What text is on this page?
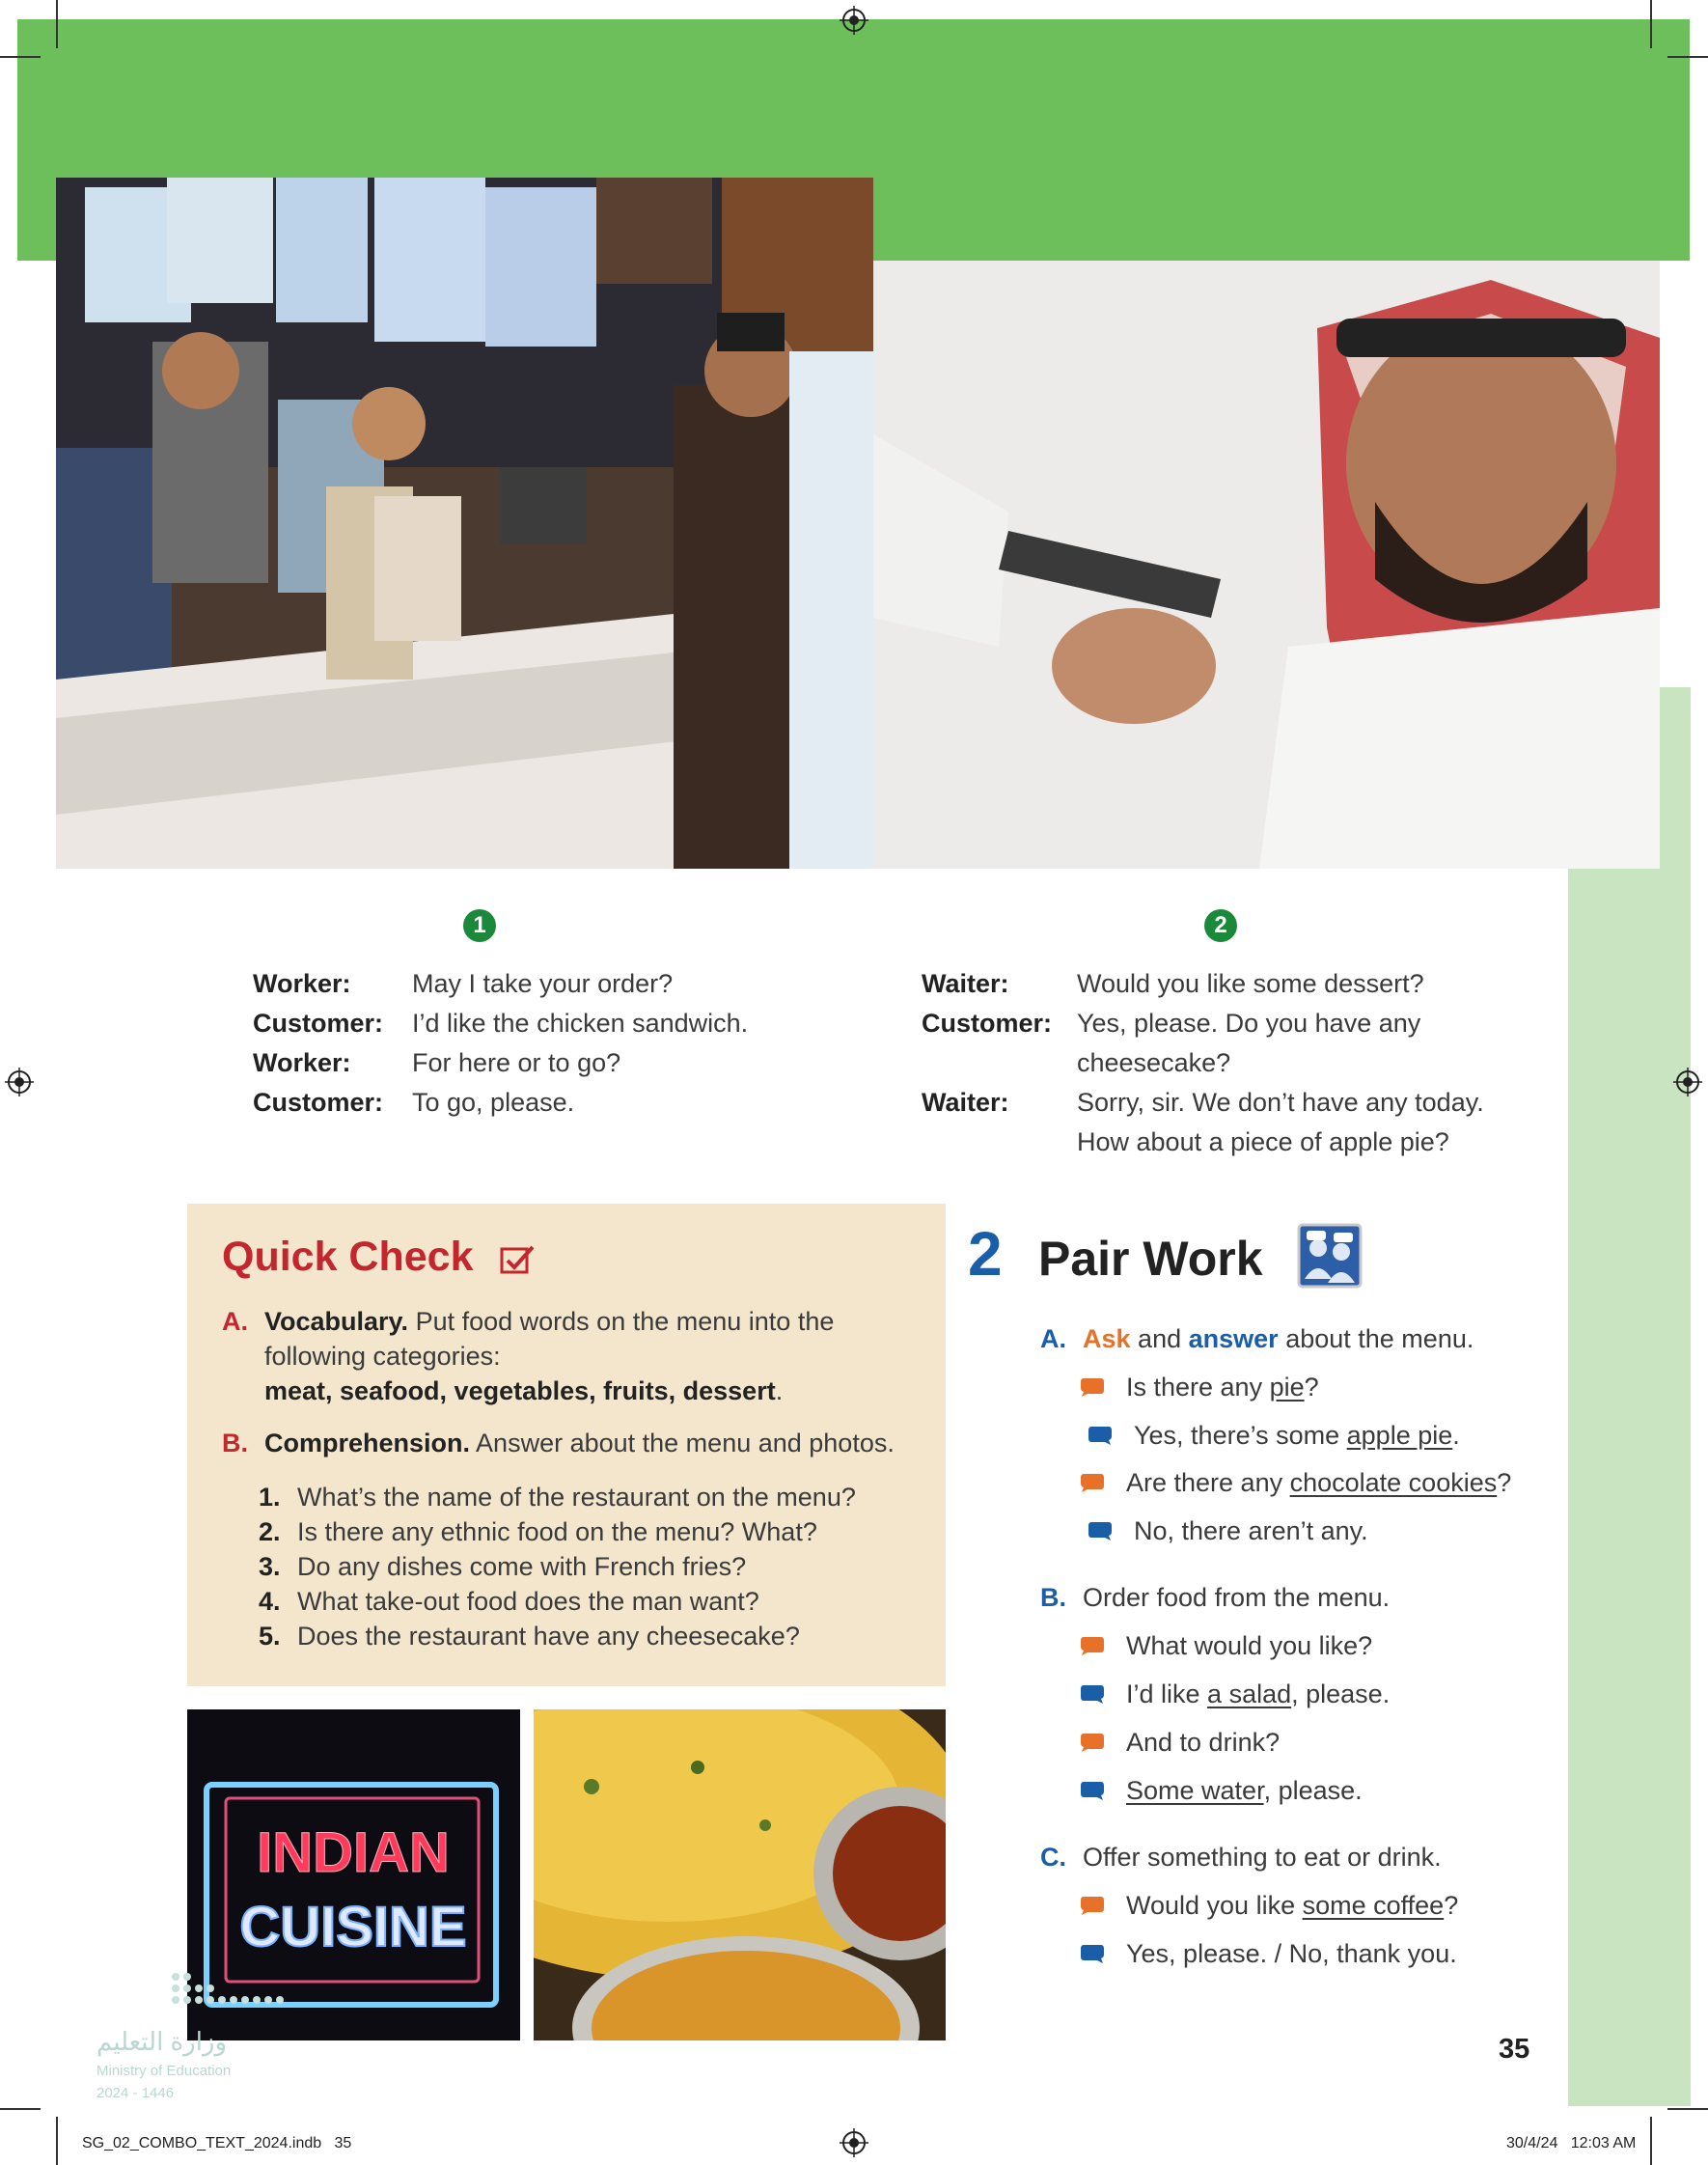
1
Worker:	May I take your order?
Customer:	I’d like the chicken sandwich.
Worker:	For here or to go?
Customer:	To go, please.
2
Waiter:	Would you like some dessert?
Customer: Yes, please. Do you have any
cheesecake?
Waiter:	Sorry, sir. We don’t have any today.
How about a piece of apple pie?
Quick Check
A. Vocabulary. Put food words on the menu into the
following categories:
meat, seafood, vegetables, fruits, dessert.
B. Comprehension. Answer about the menu and photos.
1. What’s the name of the restaurant on the menu?
2. Is there any ethnic food on the menu? What?
3. Do any dishes come with French fries?
4. What take-out food does the man want?
5. Does the restaurant have any cheesecake?
INDIAN
CUISINE
2 Pair Work
A. Ask and answer about the menu.
Is there any pie?
Yes, there’s some apple pie.
Are there any chocolate cookies?
No, there aren’t any.
B. Order food from the menu.
What would you like?
I’d like a salad, please.
And to drink?
Some water, please.
C. Offer something to eat or drink.
Would you like some coffee?
Yes, please. / No, thank you.
وزارة التعليم
Ministry of Education
2024 - 1446
35
SG_02_COMBO_TEXT_2024.indb   35	30/4/24   12:03 AM
